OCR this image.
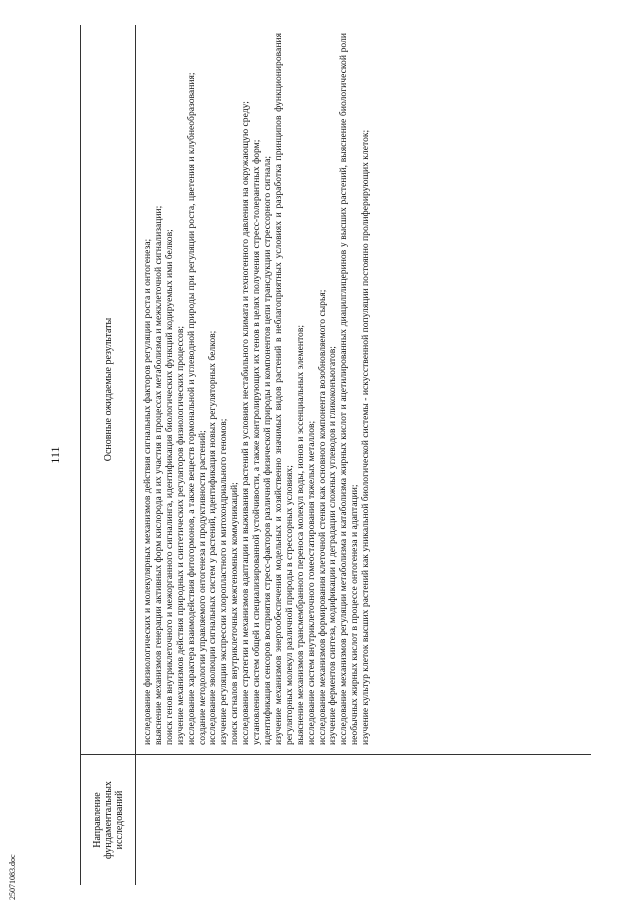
111
Направление фундаментальных исследований
Основные ожидаемые результаты	исследование физиологических и молекулярных механизмов действия сигнальных факторов регуляции роста и онтогенеза; выяснение механизмов генерации активных форм кислорода и их участия в процессах метаболизма и межклеточной сигнализации; поиск генов внутриклеточного и межорганного сигналинга, идентификация биологических функций кодируемых ими белков; изучение механизмов действия природных и синтетических регуляторов физиологических процессов; исследование характера взаимодействия фитогормонов, а также веществ гормональной и углеводной природы при регуляции роста, цветения и клубнеобразования; создание методологии управляемого онтогенеза и продуктивности растений; исследование эволюции сигнальных систем у растений, идентификация новых регуляторных белков; изучение регуляции экспрессии хлоропластного и митохондриального геномов; поиск сигналов внутриклеточных межгеномных коммуникаций; исследование стратегии и механизмов адаптации и выживания растений в условиях нестабильного климата и техногенного давления на окружающую среду; установление систем общей и специализированной устойчивости, а также контролирующих их генов в целях получения стресс-толерантных форм; идентификация сенсоров восприятия стресс-факторов различной физической природы и компонентов цепи трансдукции стрессорного сигнала; изучение механизмов энергообеспечения модельных и хозяйственно значимых видов растений в неблагоприятных условиях и разработка принципов функционирования регуляторных молекул различной природы в стрессорных условиях; выяснение механизмов трансмембранного переноса молекул воды, ионов и эссенциальных элементов; исследование систем внутриклеточного гомеостатирования тяжелых металлов; исследование механизмов формирования клеточной стенки как основного компонента возобновляемого сырья; изучение ферментов синтеза, модификации и деградации сложных углеводов и гликоконъюгатов; исследование механизмов регуляции метаболизма и катаболизма жирных кислот и ацетилированных диацилглицеринов у высших растений, выяснение биологической роли необычных жирных кислот в процессе онтогенеза и адаптации; изучение культур клеток высших растений как уникальной биологической системы - искусственной популяции постоянно пролиферирующих клеток;
25071083.doc
